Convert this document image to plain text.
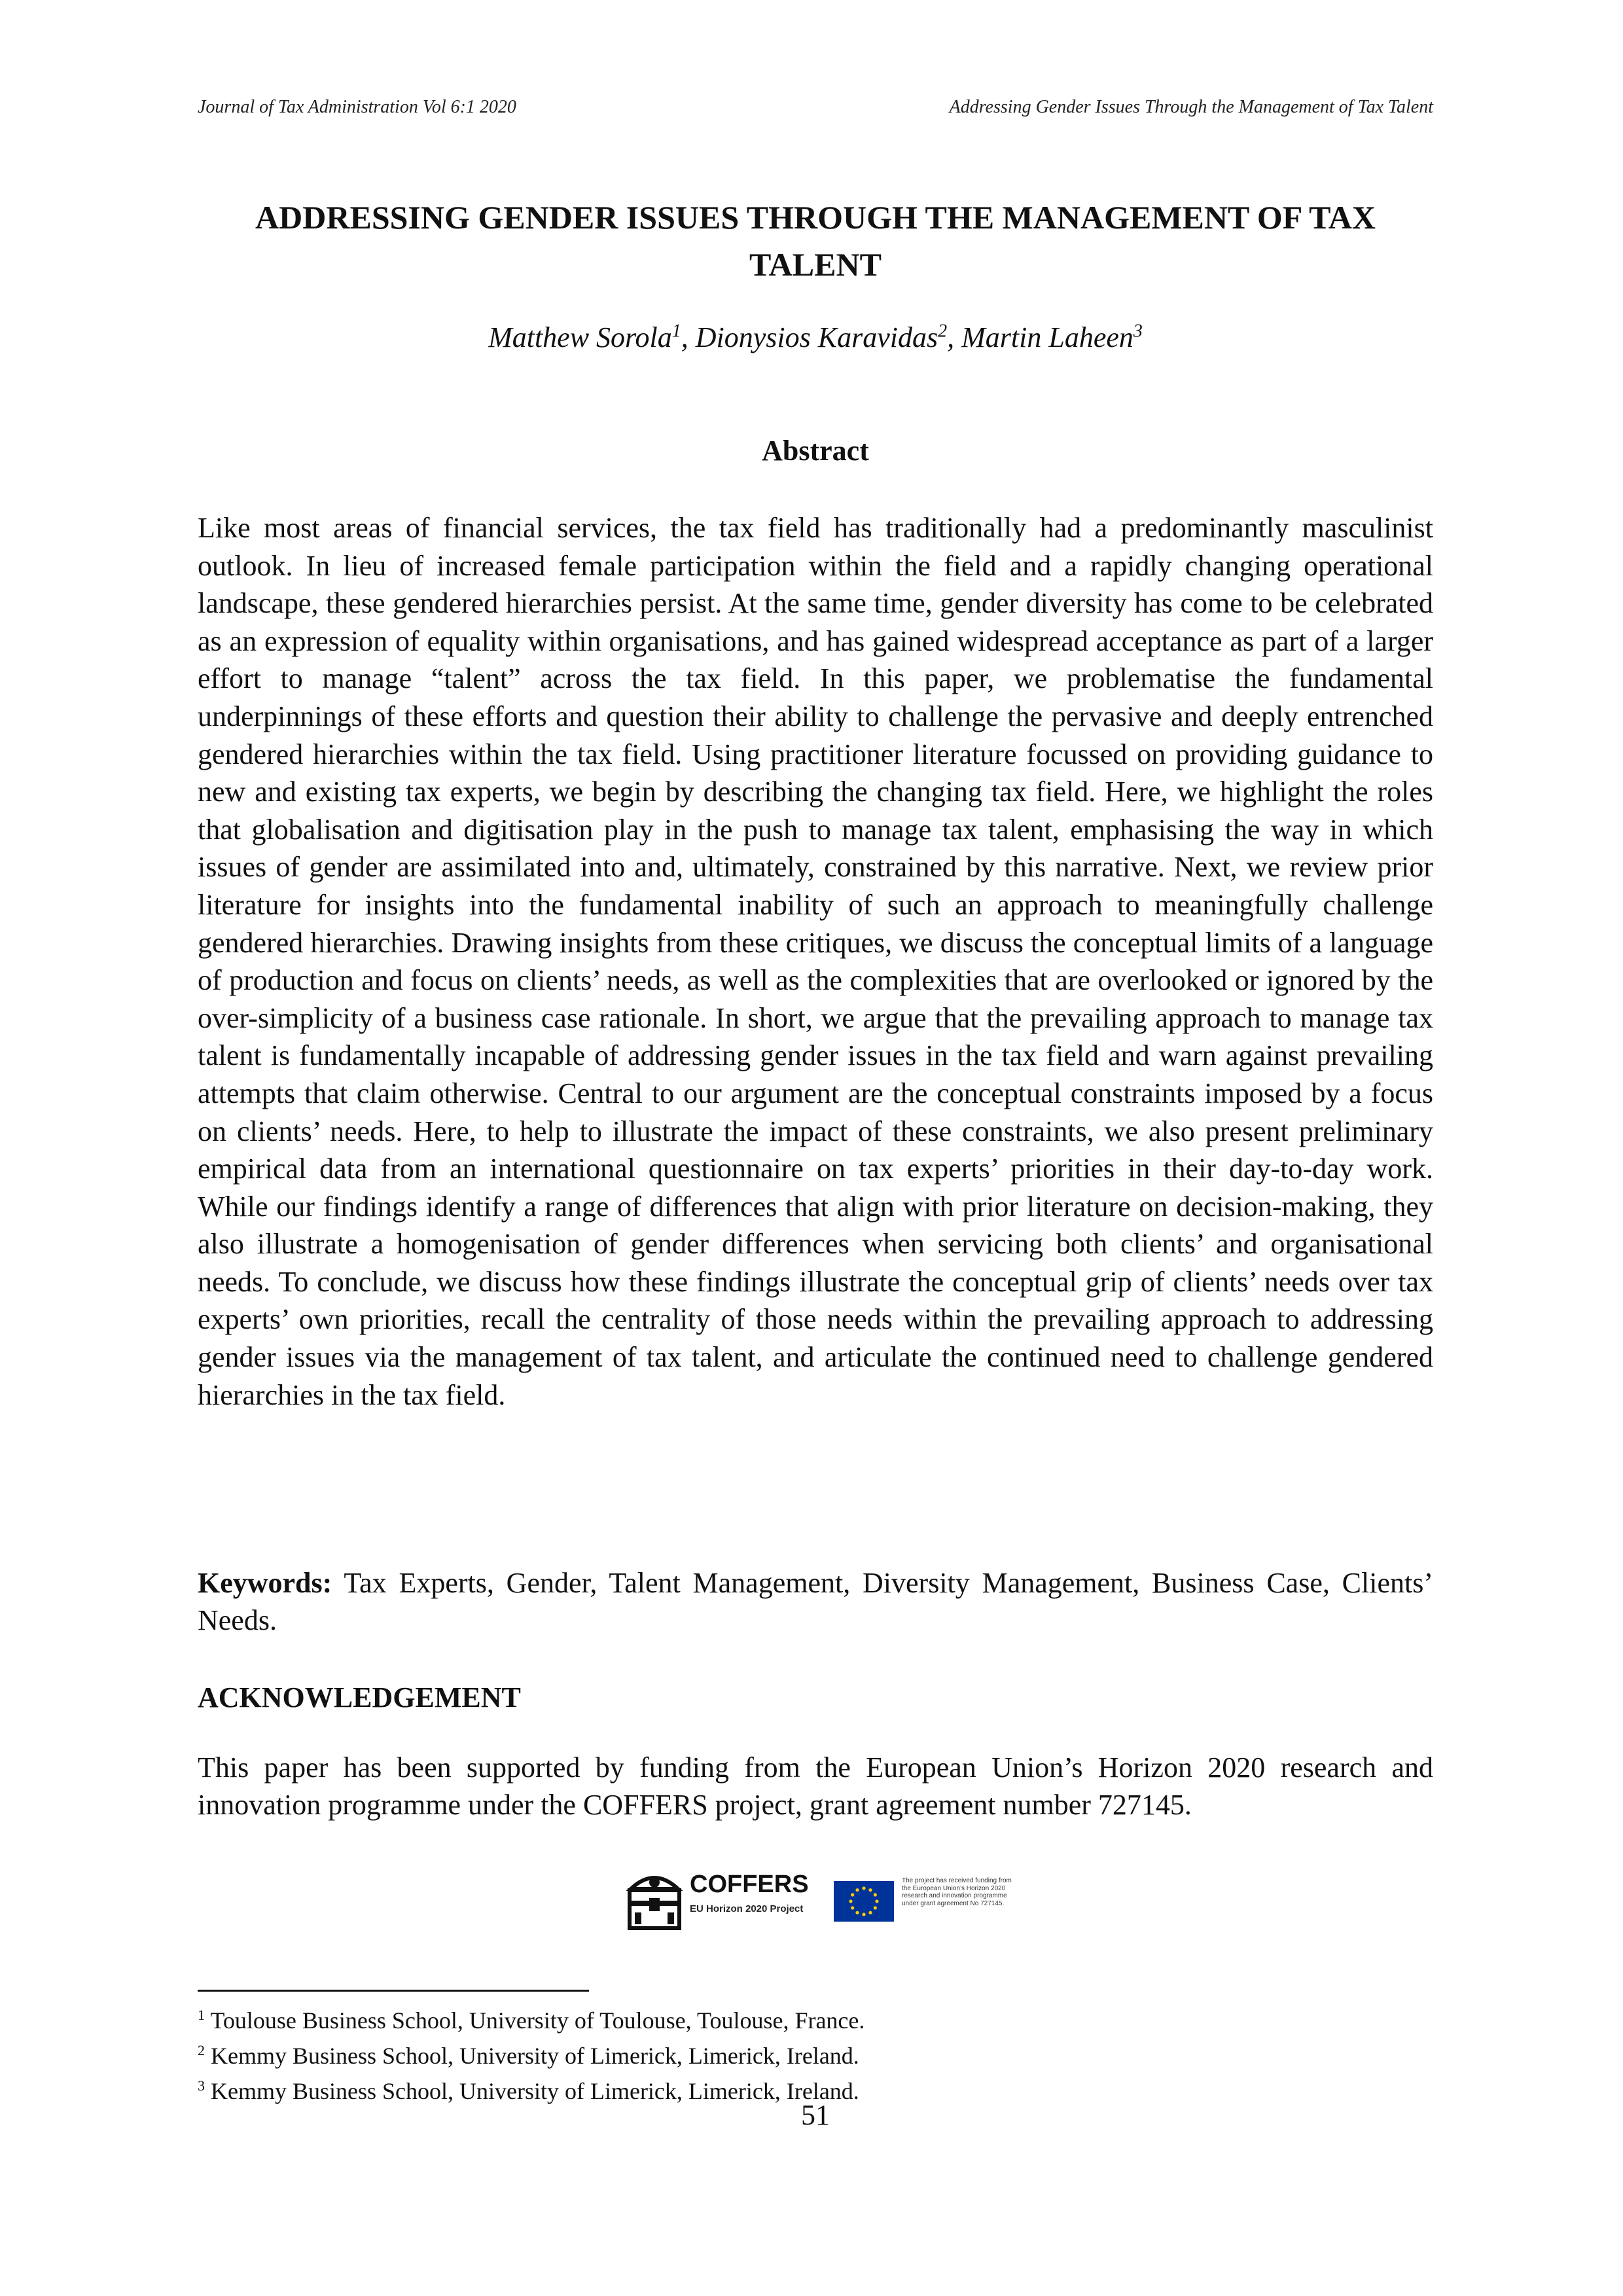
Journal of Tax Administration Vol 6:1 2020	Addressing Gender Issues Through the Management of Tax Talent
ADDRESSING GENDER ISSUES THROUGH THE MANAGEMENT OF TAX TALENT
Matthew Sorola$^1$, Dionysios Karavidas$^2$, Martin Laheen$^3$
Abstract

Like most areas of financial services, the tax field has traditionally had a predominantly masculinist outlook. In lieu of increased female participation within the field and a rapidly changing operational landscape, these gendered hierarchies persist. At the same time, gender diversity has come to be celebrated as an expression of equality within organisations, and has gained widespread acceptance as part of a larger effort to manage “talent” across the tax field. In this paper, we problematise the fundamental underpinnings of these efforts and question their ability to challenge the pervasive and deeply entrenched gendered hierarchies within the tax field. Using practitioner literature focussed on providing guidance to new and existing tax experts, we begin by describing the changing tax field. Here, we highlight the roles that globalisation and digitisation play in the push to manage tax talent, emphasising the way in which issues of gender are assimilated into and, ultimately, constrained by this narrative. Next, we review prior literature for insights into the fundamental inability of such an approach to meaningfully challenge gendered hierarchies. Drawing insights from these critiques, we discuss the conceptual limits of a language of production and focus on clients’ needs, as well as the complexities that are overlooked or ignored by the over-simplicity of a business case rationale. In short, we argue that the prevailing approach to manage tax talent is fundamentally incapable of addressing gender issues in the tax field and warn against prevailing attempts that claim otherwise. Central to our argument are the conceptual constraints imposed by a focus on clients’ needs. Here, to help to illustrate the impact of these constraints, we also present preliminary empirical data from an international questionnaire on tax experts’ priorities in their day-to-day work. While our findings identify a range of differences that align with prior literature on decision-making, they also illustrate a homogenisation of gender differences when servicing both clients’ and organisational needs. To conclude, we discuss how these findings illustrate the conceptual grip of clients’ needs over tax experts’ own priorities, recall the centrality of those needs within the prevailing approach to addressing gender issues via the management of tax talent, and articulate the continued need to challenge gendered hierarchies in the tax field.

Keywords: Tax Experts, Gender, Talent Management, Diversity Management, Business Case, Clients’ Needs.

ACKNOWLEDGEMENT

This paper has been supported by funding from the European Union’s Horizon 2020 research and innovation programme under the COFFERS project, grant agreement number 727145.

COFFERS
EU Horizon 2020 Project
The project has received funding from the European Union’s Horizon 2020 research and innovation programme under grant agreement No 727145.

$^1$ Toulouse Business School, University of Toulouse, Toulouse, France.

$^2$ Kemmy Business School, University of Limerick, Limerick, Ireland.

$^3$ Kemmy Business School, University of Limerick, Limerick, Ireland.

51
